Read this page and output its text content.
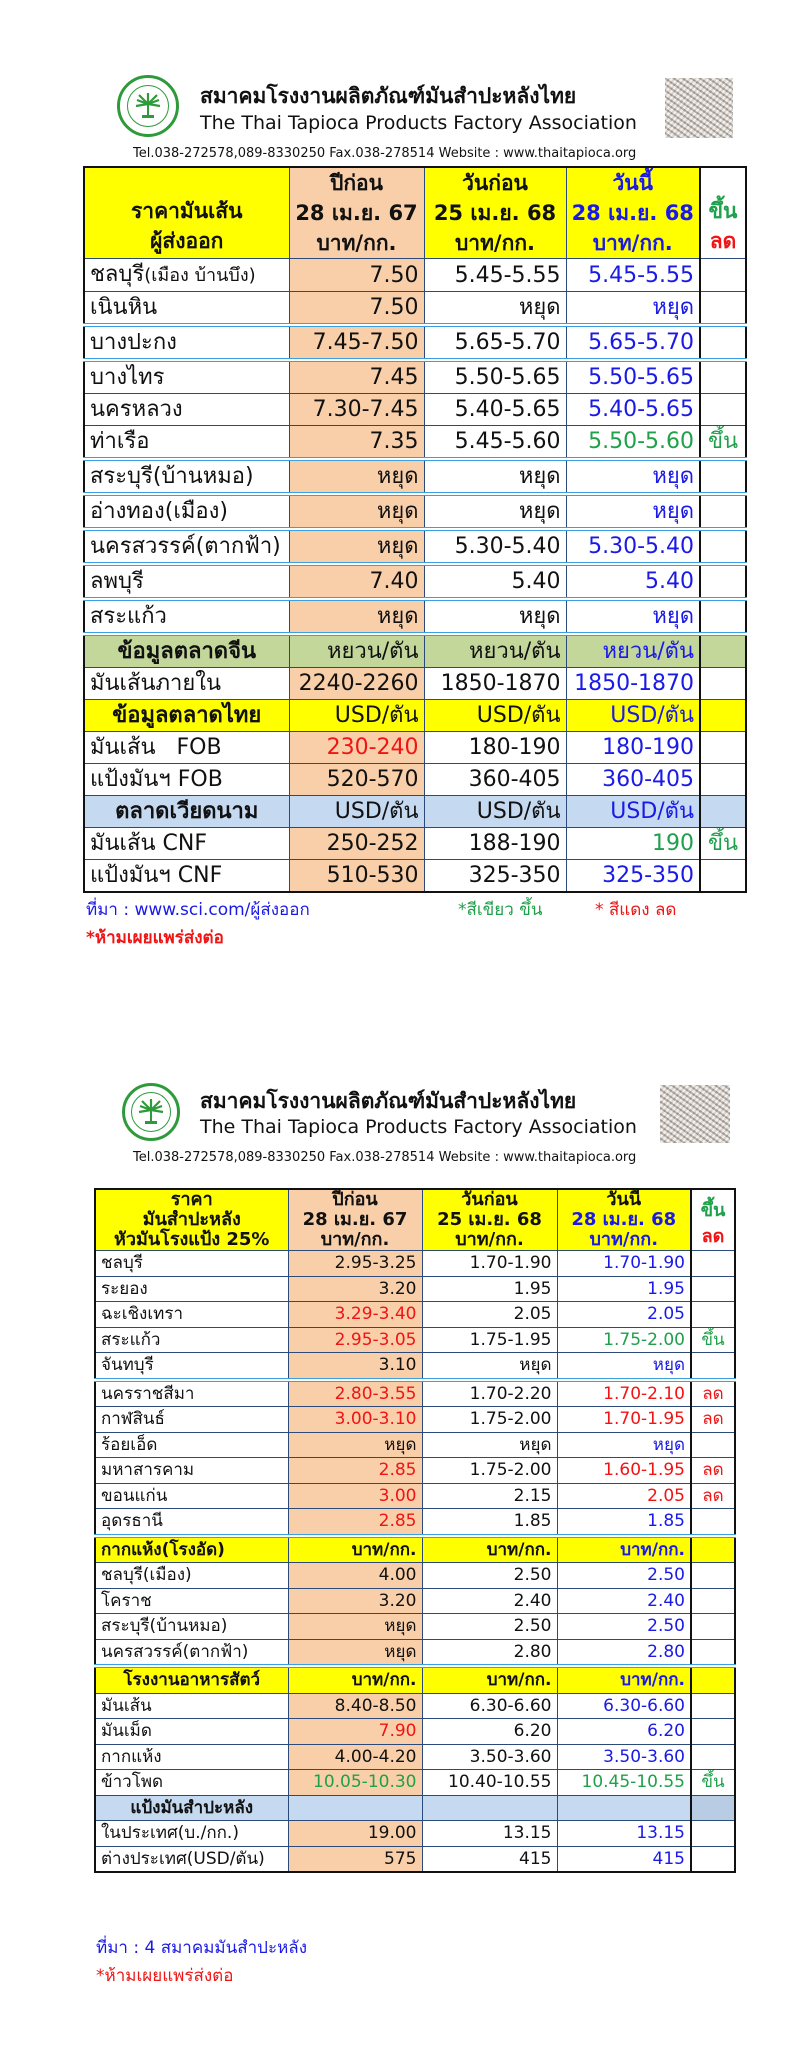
สมาคมโรงงานผลิตภัณฑ์มันสำปะหลังไทย
The Thai Tapioca Products Factory Association
Tel.038-272578,089-8330250 Fax.038-278514 Website : www.thaitapioca.org
ราคามันเส้น
ผู้ส่งออก
	ปีก่อน	วันก่อน	วันนี้	
ขึ้น
ลด

	28 เม.ย. 67	25 เม.ย. 68	28 เม.ย. 68	
	บาท/กก.	บาท/กก.	บาท/กก.	
ชลบุรี(เมือง บ้านบึง)	7.50	5.45-5.55	5.45-5.55	
เนินหิน	7.50	หยุด	หยุด	
บางปะกง	7.45-7.50	5.65-5.70	5.65-5.70	
บางไทร	7.45	5.50-5.65	5.50-5.65	
นครหลวง	7.30-7.45	5.40-5.65	5.40-5.65	
ท่าเรือ	7.35	5.45-5.60	5.50-5.60	ขึ้น
สระบุรี(บ้านหมอ)	หยุด	หยุด	หยุด	
อ่างทอง(เมือง)	หยุด	หยุด	หยุด	
นครสวรรค์(ตากฟ้า)	หยุด	5.30-5.40	5.30-5.40	
ลพบุรี	7.40	5.40	5.40	
สระแก้ว	หยุด	หยุด	หยุด	
ข้อมูลตลาดจีน	หยวน/ตัน	หยวน/ตัน	หยวน/ตัน	
มันเส้นภายใน	2240-2260	1850-1870	1850-1870	
ข้อมูลตลาดไทย	USD/ตัน	USD/ตัน	USD/ตัน	
มันเส้น   FOB	230-240	180-190	180-190	
แป้งมันฯ FOB	520-570	360-405	360-405	
ตลาดเวียดนาม	USD/ตัน	USD/ตัน	USD/ตัน	
มันเส้น CNF	250-252	188-190	190	ขึ้น
แป้งมันฯ CNF	510-530	325-350	325-350	
ที่มา : www.sci.com/ผู้ส่งออก	*สีเขียว ขึ้น	* สีแดง ลด
*ห้ามเผยแพร่ส่งต่อ
สมาคมโรงงานผลิตภัณฑ์มันสำปะหลังไทย
The Thai Tapioca Products Factory Association
Tel.038-272578,089-8330250 Fax.038-278514 Website : www.thaitapioca.org
ราคา
มันสำปะหลัง
หัวมันโรงแป้ง 25%
	ปีก่อน	วันก่อน	วันนี้	
ขึ้น
ลด

	28 เม.ย. 67	25 เม.ย. 68	28 เม.ย. 68	
	บาท/กก.	บาท/กก.	บาท/กก.	
ชลบุรี	2.95-3.25	1.70-1.90	1.70-1.90	
ระยอง	3.20	1.95	1.95	
ฉะเชิงเทรา	3.29-3.40	2.05	2.05	
สระแก้ว	2.95-3.05	1.75-1.95	1.75-2.00	ขึ้น
จันทบุรี	3.10	หยุด	หยุด	
นครราชสีมา	2.80-3.55	1.70-2.20	1.70-2.10	ลด
กาฬสินธ์	3.00-3.10	1.75-2.00	1.70-1.95	ลด
ร้อยเอ็ด	หยุด	หยุด	หยุด	
มหาสารคาม	2.85	1.75-2.00	1.60-1.95	ลด
ขอนแก่น	3.00	2.15	2.05	ลด
อุดรธานี	2.85	1.85	1.85	
กากแห้ง(โรงอัด)	บาท/กก.	บาท/กก.	บาท/กก.	
ชลบุรี(เมือง)	4.00	2.50	2.50	
โคราช	3.20	2.40	2.40	
สระบุรี(บ้านหมอ)	หยุด	2.50	2.50	
นครสวรรค์(ตากฟ้า)	หยุด	2.80	2.80	
โรงงานอาหารสัตว์	บาท/กก.	บาท/กก.	บาท/กก.	
มันเส้น	8.40-8.50	6.30-6.60	6.30-6.60	
มันเม็ด	7.90	6.20	6.20	
กากแห้ง	4.00-4.20	3.50-3.60	3.50-3.60	
ข้าวโพด	10.05-10.30	10.40-10.55	10.45-10.55	ขึ้น
แป้งมันสำปะหลัง				
ในประเทศ(บ./กก.)	19.00	13.15	13.15	
ต่างประเทศ(USD/ตัน)	575	415	415	
ที่มา : 4 สมาคมมันสำปะหลัง
*ห้ามเผยแพร่ส่งต่อ
